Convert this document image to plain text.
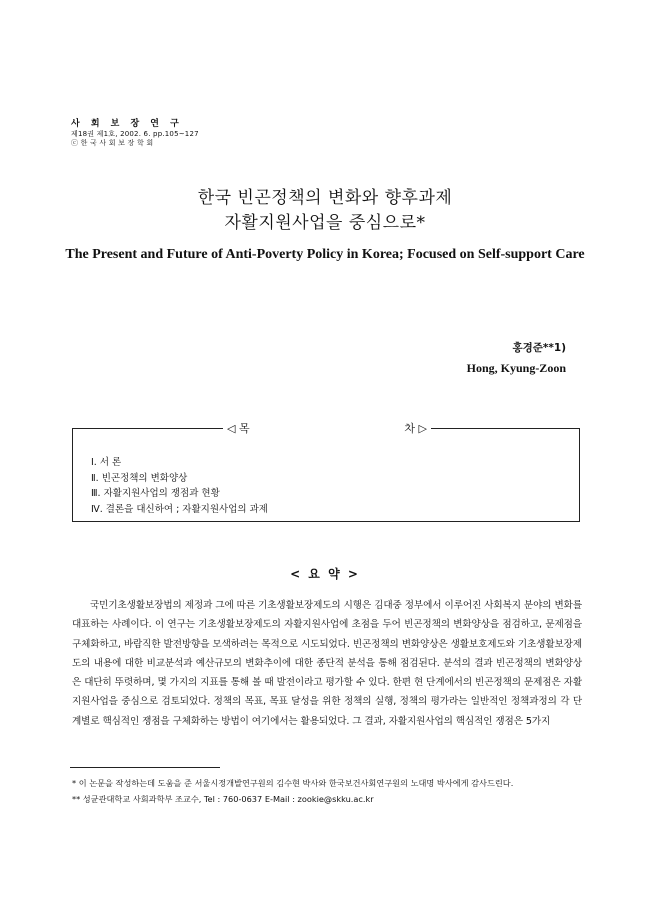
사 회 보 장 연 구
제18권 제1호, 2002. 6. pp.105~127
ⓒ 한 국 사 회 보 장 학 회
한국 빈곤정책의 변화와 향후과제
자활지원사업을 중심으로*
The Present and Future of Anti-Poverty Policy in Korea; Focused on Self-support Care
홍경준**1)
Hong, Kyung-Zoon
◁ 목	차 ▷
Ⅰ. 서 론
Ⅱ. 빈곤정책의 변화양상
Ⅲ. 자활지원사업의 쟁점과 현황
Ⅳ. 결론을 대신하여 ; 자활지원사업의 과제
< 요 약 >
국민기초생활보장법의 제정과 그에 따른 기초생활보장제도의 시행은 김대중 정부에서 이루어진 사회복지 분야의 변화를 대표하는 사례이다. 이 연구는 기초생활보장제도의 자활지원사업에 초점을 두어 빈곤정책의 변화양상을 점검하고, 문제점을 구체화하고, 바람직한 발전방향을 모색하려는 목적으로 시도되었다. 빈곤정책의 변화양상은 생활보호제도와 기초생활보장제도의 내용에 대한 비교분석과 예산규모의 변화추이에 대한 종단적 분석을 통해 점검된다. 분석의 결과 빈곤정책의 변화양상은 대단히 뚜렷하며, 몇 가지의 지표를 통해 볼 때 발전이라고 평가할 수 있다. 한편 현 단계에서의 빈곤정책의 문제점은 자활지원사업을 중심으로 검토되었다. 정책의 목표, 목표 달성을 위한 정책의 실행, 정책의 평가라는 일반적인 정책과정의 각 단계별로 핵심적인 쟁점을 구체화하는 방법이 여기에서는 활용되었다. 그 결과, 자활지원사업의 핵심적인 쟁점은 5가지
* 이 논문을 작성하는데 도움을 준 서울시정개발연구원의 김수현 박사와 한국보건사회연구원의 노대명 박사에게 감사드린다.
** 성균관대학교 사회과학부 조교수, Tel : 760-0637 E-Mail : zookie@skku.ac.kr
